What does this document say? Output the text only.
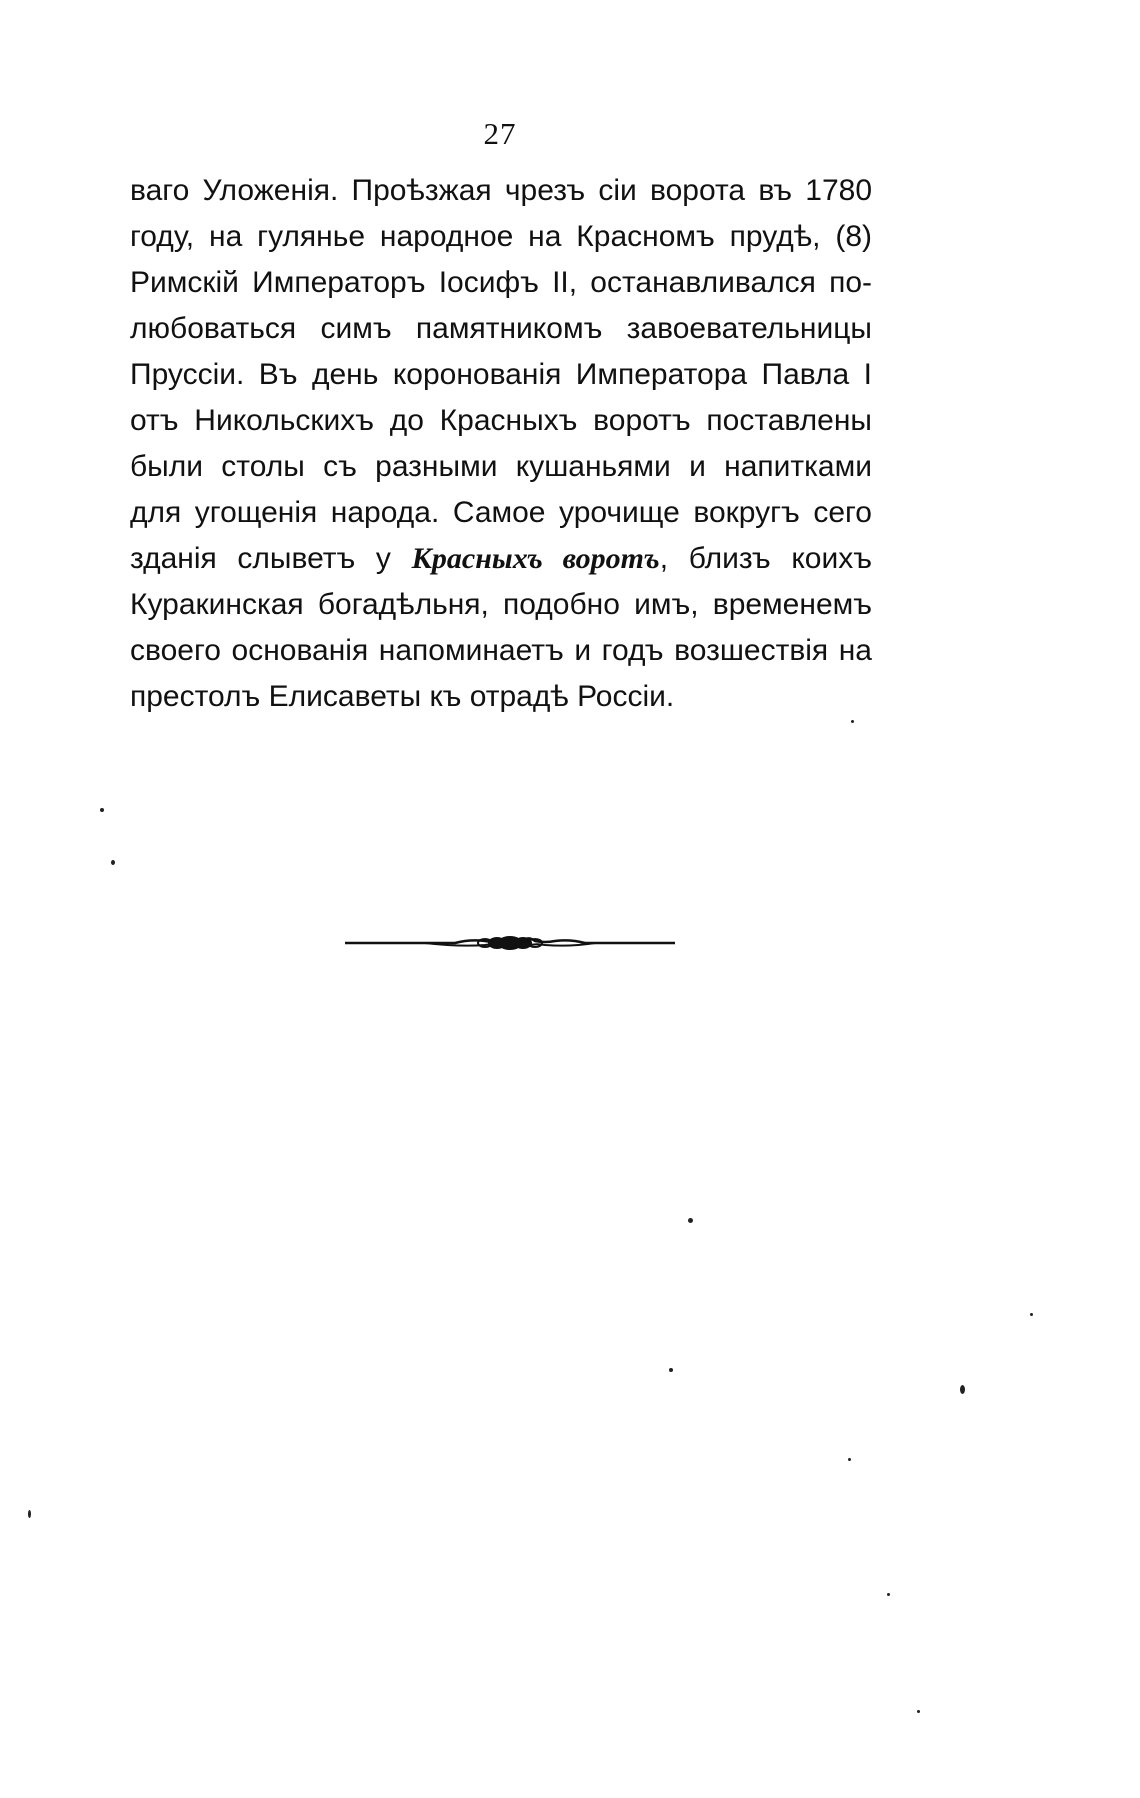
27
ваго Уложенія. Проѣзжая чрезъ сіи ворота въ 1780
году, на гулянье народное на Красномъ прудѣ, (8)
Римскій Императоръ Іосифъ II, останавливался по-
любоваться симъ памятникомъ завоевательницы
Пруссіи. Въ день коронованія Императора Павла I
отъ Никольскихъ до Красныхъ воротъ поставлены
были столы съ разными кушаньями и напитками
для угощенія народа. Самое урочище вокругъ сего
зданія слыветъ у Красныхъ воротъ, близъ коихъ
Куракинская богадѣльня, подобно имъ, временемъ
своего основанія напоминаетъ и годъ возшествія на
престолъ Елисаветы къ отрадѣ Россіи.
